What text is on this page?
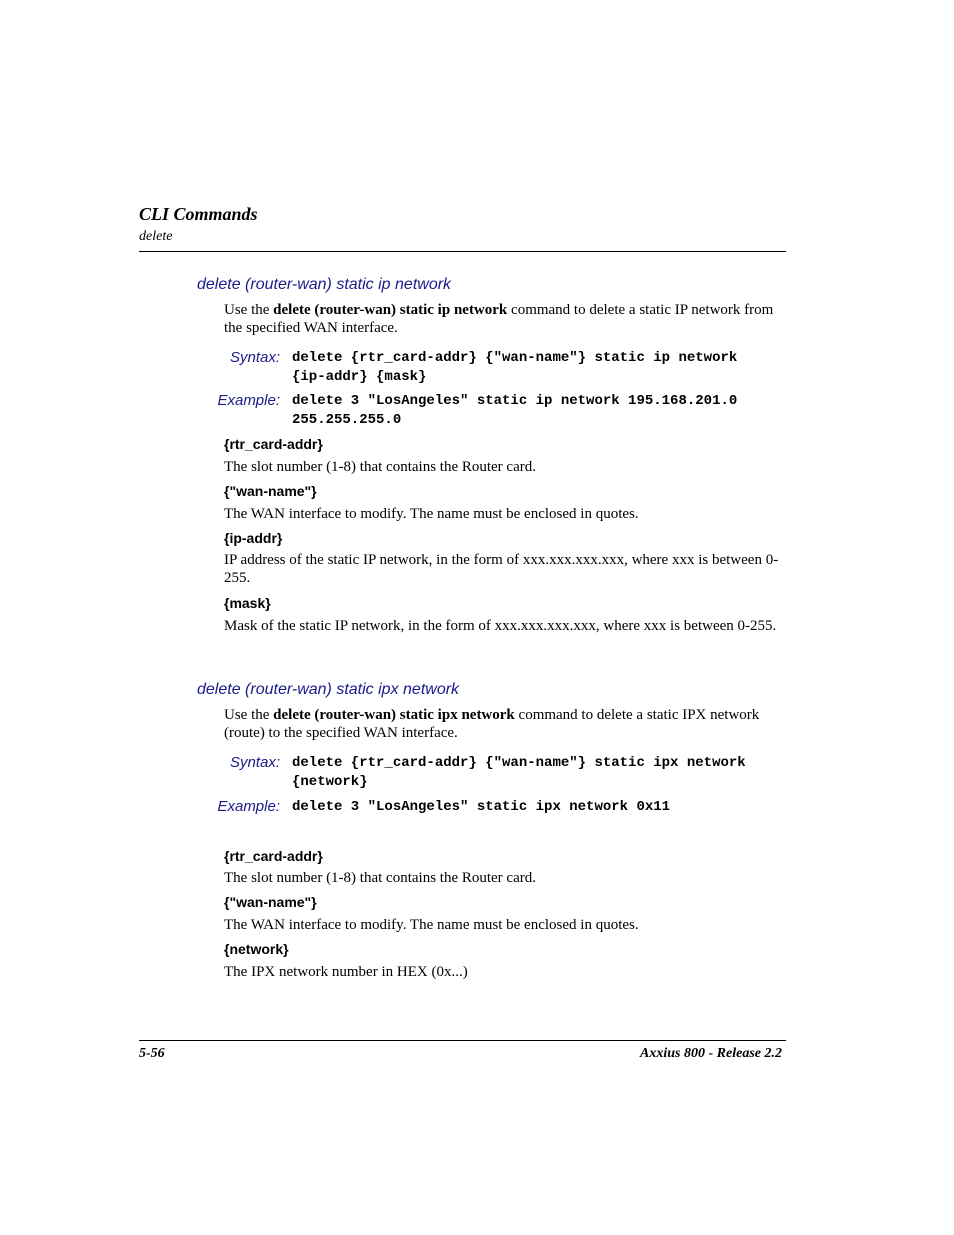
CLI Commands
delete
delete (router-wan) static ip network
Use the delete (router-wan) static ip network command to delete a static IP network from the specified WAN interface.
Syntax: delete {rtr_card-addr} {"wan-name"} static ip network
{ip-addr} {mask}
Example: delete 3 "LosAngeles" static ip network 195.168.201.0
255.255.255.0
{rtr_card-addr}
The slot number (1-8) that contains the Router card.
{"wan-name"}
The WAN interface to modify. The name must be enclosed in quotes.
{ip-addr}
IP address of the static IP network, in the form of xxx.xxx.xxx.xxx, where xxx is between 0-255.
{mask}
Mask of the static IP network, in the form of xxx.xxx.xxx.xxx, where xxx is between 0-255.
delete (router-wan) static ipx network
Use the delete (router-wan) static ipx network command to delete a static IPX network (route) to the specified WAN interface.
Syntax: delete {rtr_card-addr} {"wan-name"} static ipx network
{network}
Example: delete 3 "LosAngeles" static ipx network 0x11
{rtr_card-addr}
The slot number (1-8) that contains the Router card.
{"wan-name"}
The WAN interface to modify. The name must be enclosed in quotes.
{network}
The IPX network number in HEX (0x...)
5-56	Axxius 800 - Release 2.2
